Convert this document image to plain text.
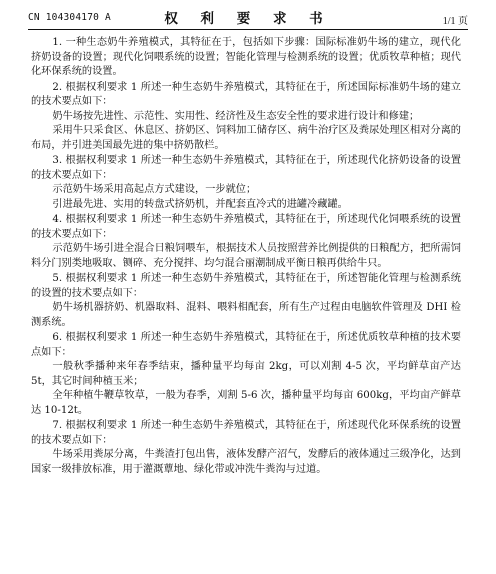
CN 104304170 A	权 利 要 求 书	1/1 页

1. 一种生态奶牛养殖模式，其特征在于，包括如下步骤：国际标准奶牛场的建立，现代化挤奶设备的设置；现代化饲喂系统的设置；智能化管理与检测系统的设置；优质牧草种植；现代化环保系统的设置。

2. 根据权利要求 1 所述一种生态奶牛养殖模式，其特征在于，所述国际标准奶牛场的建立的技术要点如下：

奶牛场按先进性、示范性、实用性、经济性及生态安全性的要求进行设计和修建；

采用牛只采食区、休息区、挤奶区、饲料加工储存区、病牛治疗区及粪尿处理区相对分离的布局，并引进美国最先进的集中挤奶散栏。

3. 根据权利要求 1 所述一种生态奶牛养殖模式，其特征在于，所述现代化挤奶设备的设置的技术要点如下：

示范奶牛场采用高起点方式建设，一步就位；

引进最先进、实用的转盘式挤奶机，并配套直冷式的进罐冷藏罐。

4. 根据权利要求 1 所述一种生态奶牛养殖模式，其特征在于，所述现代化饲喂系统的设置的技术要点如下：

示范奶牛场引进全混合日粮饲喂车，根据技术人员按照营养比例提供的日粮配方，把所需饲料分门别类地吸取、铡碎、充分搅拌、均匀混合丽潮制成平衡日粮再供给牛只。

5. 根据权利要求 1 所述一种生态奶牛养殖模式，其特征在于，所述智能化管理与检测系统的设置的技术要点如下：

奶牛场机器挤奶、机器取料、混料、喂料相配套，所有生产过程由电脑软件管理及 DHI 检测系统。

6. 根据权利要求 1 所述一种生态奶牛养殖模式，其特征在于，所述优质牧草种植的技术要点如下：

一般秋季播种来年春季结束，播种量平均每亩 2kg，可以刈割 4-5 次，平均鲜草亩产达 5t，其它时间种植玉米；

全年种植牛鞭草牧草，一般为春季，刈割 5-6 次，播种量平均每亩 600kg，平均亩产鲜草达 10-12t。

7. 根据权利要求 1 所述一种生态奶牛养殖模式，其特征在于，所述现代化环保系统的设置的技术要点如下：

牛场采用粪尿分离，牛粪渣打包出售，液体发酵产沼气，发酵后的液体通过三级净化，达到国家一级排放标准，用于灌溉蕈地、绿化带或冲洗牛粪沟与过道。
